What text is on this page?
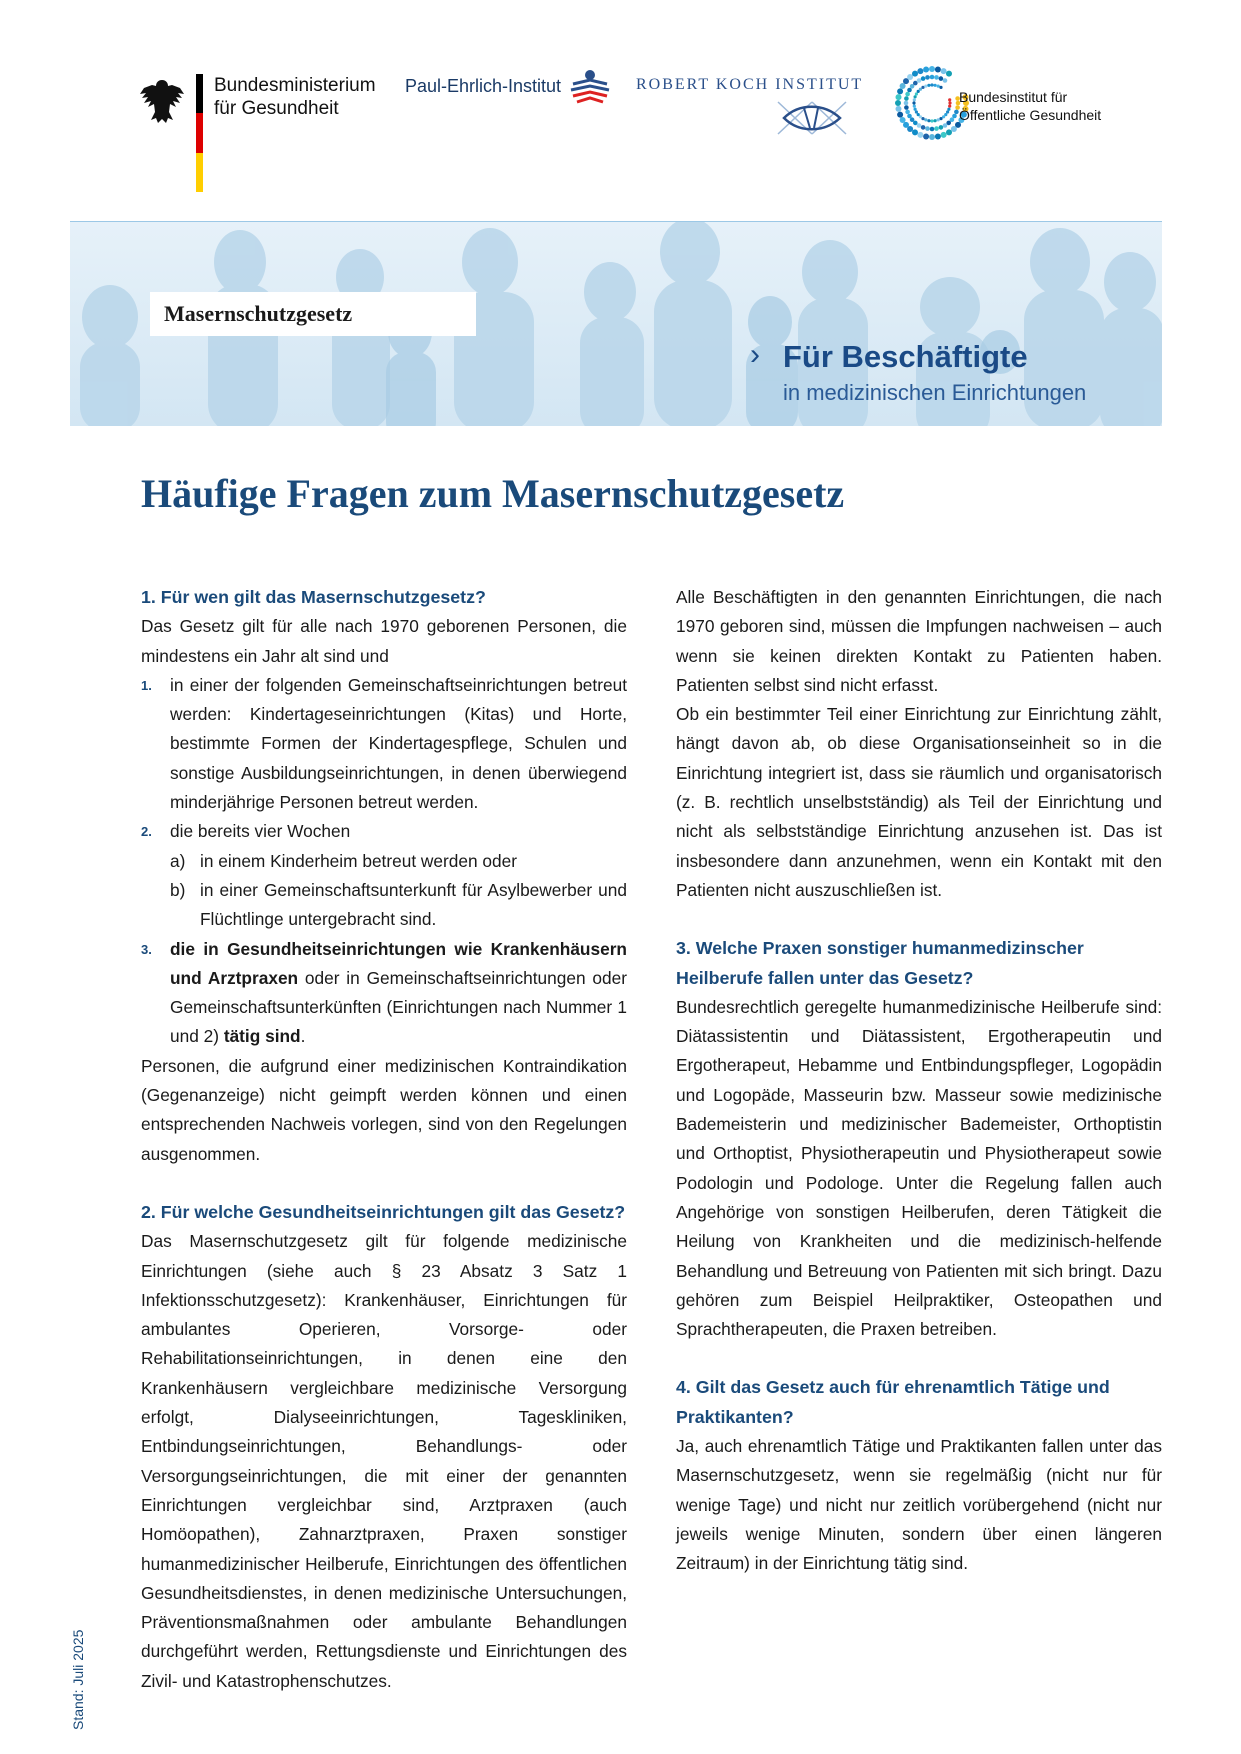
Bundesministerium
für Gesundheit
Paul-Ehrlich-Institut	ROBERT KOCH INSTITUT
Bundesinstitut für
Öffentliche Gesundheit
Masernschutzgesetz
› Für Beschäftigte
in medizinischen Einrichtungen
Häufige Fragen zum Masernschutzgesetz
1. Für wen gilt das Masernschutzgesetz?
Das Gesetz gilt für alle nach 1970 geborenen Personen, die mindestens ein Jahr alt sind und
1. in einer der folgenden Gemeinschaftseinrichtungen betreut werden: Kindertageseinrichtungen (Kitas) und Horte, bestimmte Formen der Kindertagespflege, Schulen und sonstige Ausbildungseinrichtungen, in denen überwiegend minderjährige Personen betreut werden.
2. die bereits vier Wochen
a) in einem Kinderheim betreut werden oder
b) in einer Gemeinschaftsunterkunft für Asylbewerber und Flüchtlinge untergebracht sind.
3. die in Gesundheitseinrichtungen wie Krankenhäusern und Arztpraxen oder in Gemeinschaftseinrichtungen oder Gemeinschaftsunterkünften (Einrichtungen nach Nummer 1 und 2) tätig sind.
Personen, die aufgrund einer medizinischen Kontraindikation (Gegenanzeige) nicht geimpft werden können und einen entsprechenden Nachweis vorlegen, sind von den Regelungen ausgenommen.
2. Für welche Gesundheitseinrichtungen gilt das Gesetz?
Das Masernschutzgesetz gilt für folgende medizinische Einrichtungen (siehe auch § 23 Absatz 3 Satz 1 Infektionsschutzgesetz): Krankenhäuser, Einrichtungen für ambulantes Operieren, Vorsorge- oder Rehabilitationseinrichtungen, in denen eine den Krankenhäusern vergleichbare medizinische Versorgung erfolgt, Dialyseeinrichtungen, Tageskliniken, Entbindungseinrichtungen, Behandlungs- oder Versorgungseinrichtungen, die mit einer der genannten Einrichtungen vergleichbar sind, Arztpraxen (auch Homöopathen), Zahnarztpraxen, Praxen sonstiger humanmedizinischer Heilberufe, Einrichtungen des öffentlichen Gesundheitsdienstes, in denen medizinische Untersuchungen, Präventionsmaßnahmen oder ambulante Behandlungen durchgeführt werden, Rettungsdienste und Einrichtungen des Zivil- und Katastrophenschutzes.
Alle Beschäftigten in den genannten Einrichtungen, die nach 1970 geboren sind, müssen die Impfungen nachweisen – auch wenn sie keinen direkten Kontakt zu Patienten haben. Patienten selbst sind nicht erfasst.
Ob ein bestimmter Teil einer Einrichtung zur Einrichtung zählt, hängt davon ab, ob diese Organisationseinheit so in die Einrichtung integriert ist, dass sie räumlich und organisatorisch (z. B. rechtlich unselbstständig) als Teil der Einrichtung und nicht als selbstständige Einrichtung anzusehen ist. Das ist insbesondere dann anzunehmen, wenn ein Kontakt mit den Patienten nicht auszuschließen ist.
3. Welche Praxen sonstiger humanmedizinscher Heilberufe fallen unter das Gesetz?
Bundesrechtlich geregelte humanmedizinische Heilberufe sind: Diätassistentin und Diätassistent, Ergotherapeutin und Ergotherapeut, Hebamme und Entbindungspfleger, Logopädin und Logopäde, Masseurin bzw. Masseur sowie medizinische Bademeisterin und medizinischer Bademeister, Orthoptistin und Orthoptist, Physiotherapeutin und Physiotherapeut sowie Podologin und Podologe. Unter die Regelung fallen auch Angehörige von sonstigen Heilberufen, deren Tätigkeit die Heilung von Krankheiten und die medizinisch-helfende Behandlung und Betreuung von Patienten mit sich bringt. Dazu gehören zum Beispiel Heilpraktiker, Osteopathen und Sprachtherapeuten, die Praxen betreiben.
4. Gilt das Gesetz auch für ehrenamtlich Tätige und Praktikanten?
Ja, auch ehrenamtlich Tätige und Praktikanten fallen unter das Masernschutzgesetz, wenn sie regelmäßig (nicht nur für wenige Tage) und nicht nur zeitlich vorübergehend (nicht nur jeweils wenige Minuten, sondern über einen längeren Zeitraum) in der Einrichtung tätig sind.
Stand: Juli 2025
